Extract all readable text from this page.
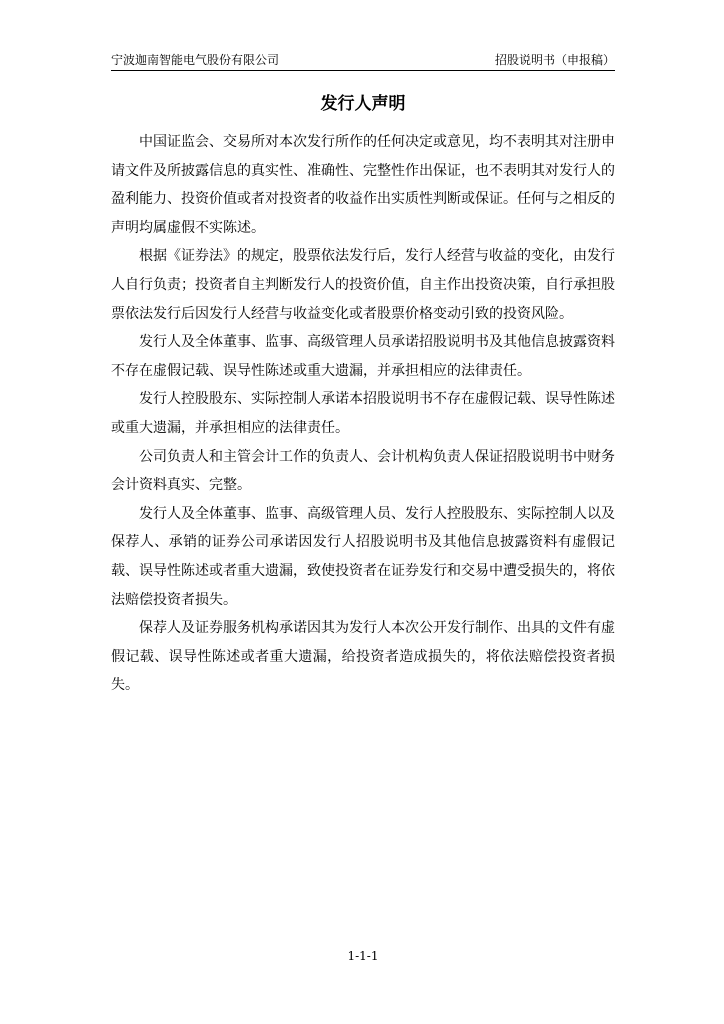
宁波迦南智能电气股份有限公司	招股说明书（申报稿）
发行人声明

中国证监会、交易所对本次发行所作的任何决定或意见，均不表明其对注册申请文件及所披露信息的真实性、准确性、完整性作出保证，也不表明其对发行人的盈利能力、投资价值或者对投资者的收益作出实质性判断或保证。任何与之相反的声明均属虚假不实陈述。

根据《证券法》的规定，股票依法发行后，发行人经营与收益的变化，由发行人自行负责；投资者自主判断发行人的投资价值，自主作出投资决策，自行承担股票依法发行后因发行人经营与收益变化或者股票价格变动引致的投资风险。

发行人及全体董事、监事、高级管理人员承诺招股说明书及其他信息披露资料不存在虚假记载、误导性陈述或重大遗漏，并承担相应的法律责任。

发行人控股股东、实际控制人承诺本招股说明书不存在虚假记载、误导性陈述或重大遗漏，并承担相应的法律责任。

公司负责人和主管会计工作的负责人、会计机构负责人保证招股说明书中财务会计资料真实、完整。

发行人及全体董事、监事、高级管理人员、发行人控股股东、实际控制人以及保荐人、承销的证券公司承诺因发行人招股说明书及其他信息披露资料有虚假记载、误导性陈述或者重大遗漏，致使投资者在证券发行和交易中遭受损失的，将依法赔偿投资者损失。

保荐人及证券服务机构承诺因其为发行人本次公开发行制作、出具的文件有虚假记载、误导性陈述或者重大遗漏，给投资者造成损失的，将依法赔偿投资者损失。

1-1-1
